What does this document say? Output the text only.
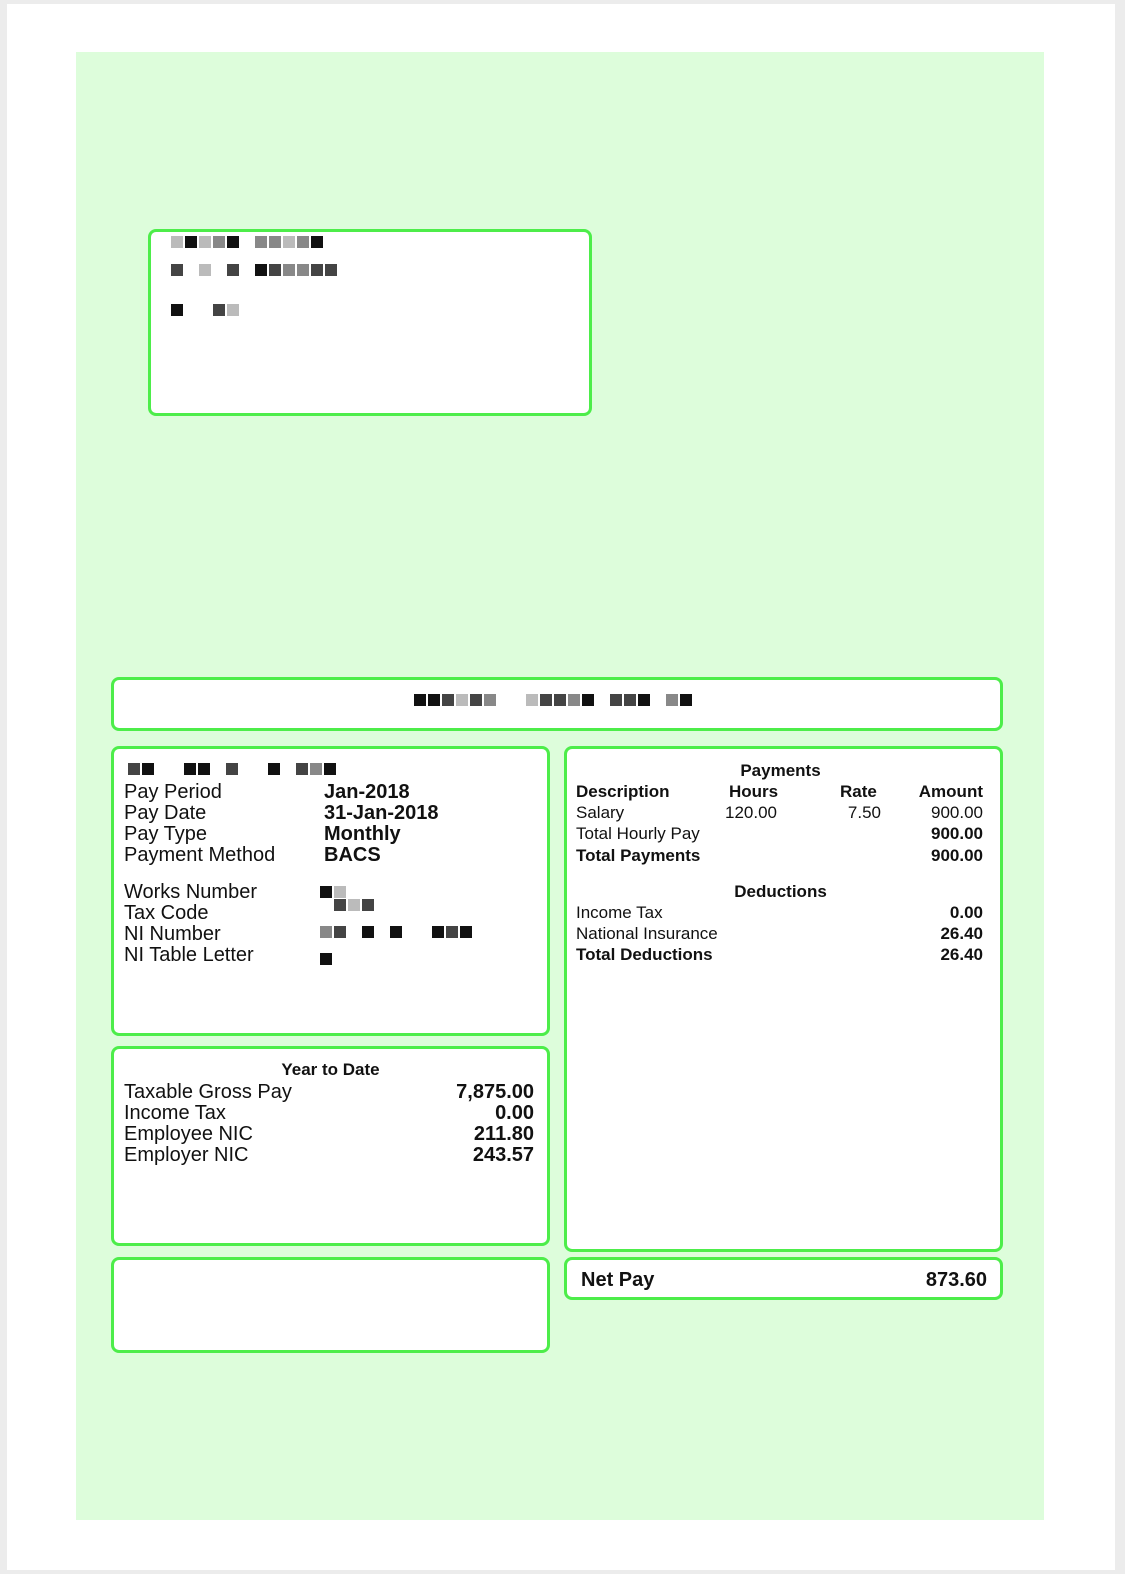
Pay Period	Jan-2018
Pay Date	31-Jan-2018
Pay Type	Monthly
Payment Method BACS
Works Number
Tax Code
NI Number
NI Table Letter
Year to Date
Taxable Gross Pay	7,875.00
Income Tax	0.00
Employee NIC	211.80
Employer NIC	243.57
Payments
Description	Hours	Rate	Amount
Salary	120.00	7.50	900.00
Total Hourly Pay	900.00
Total Payments	900.00
Deductions
Income Tax	0.00
National Insurance	26.40
Total Deductions	26.40
Net Pay	873.60
